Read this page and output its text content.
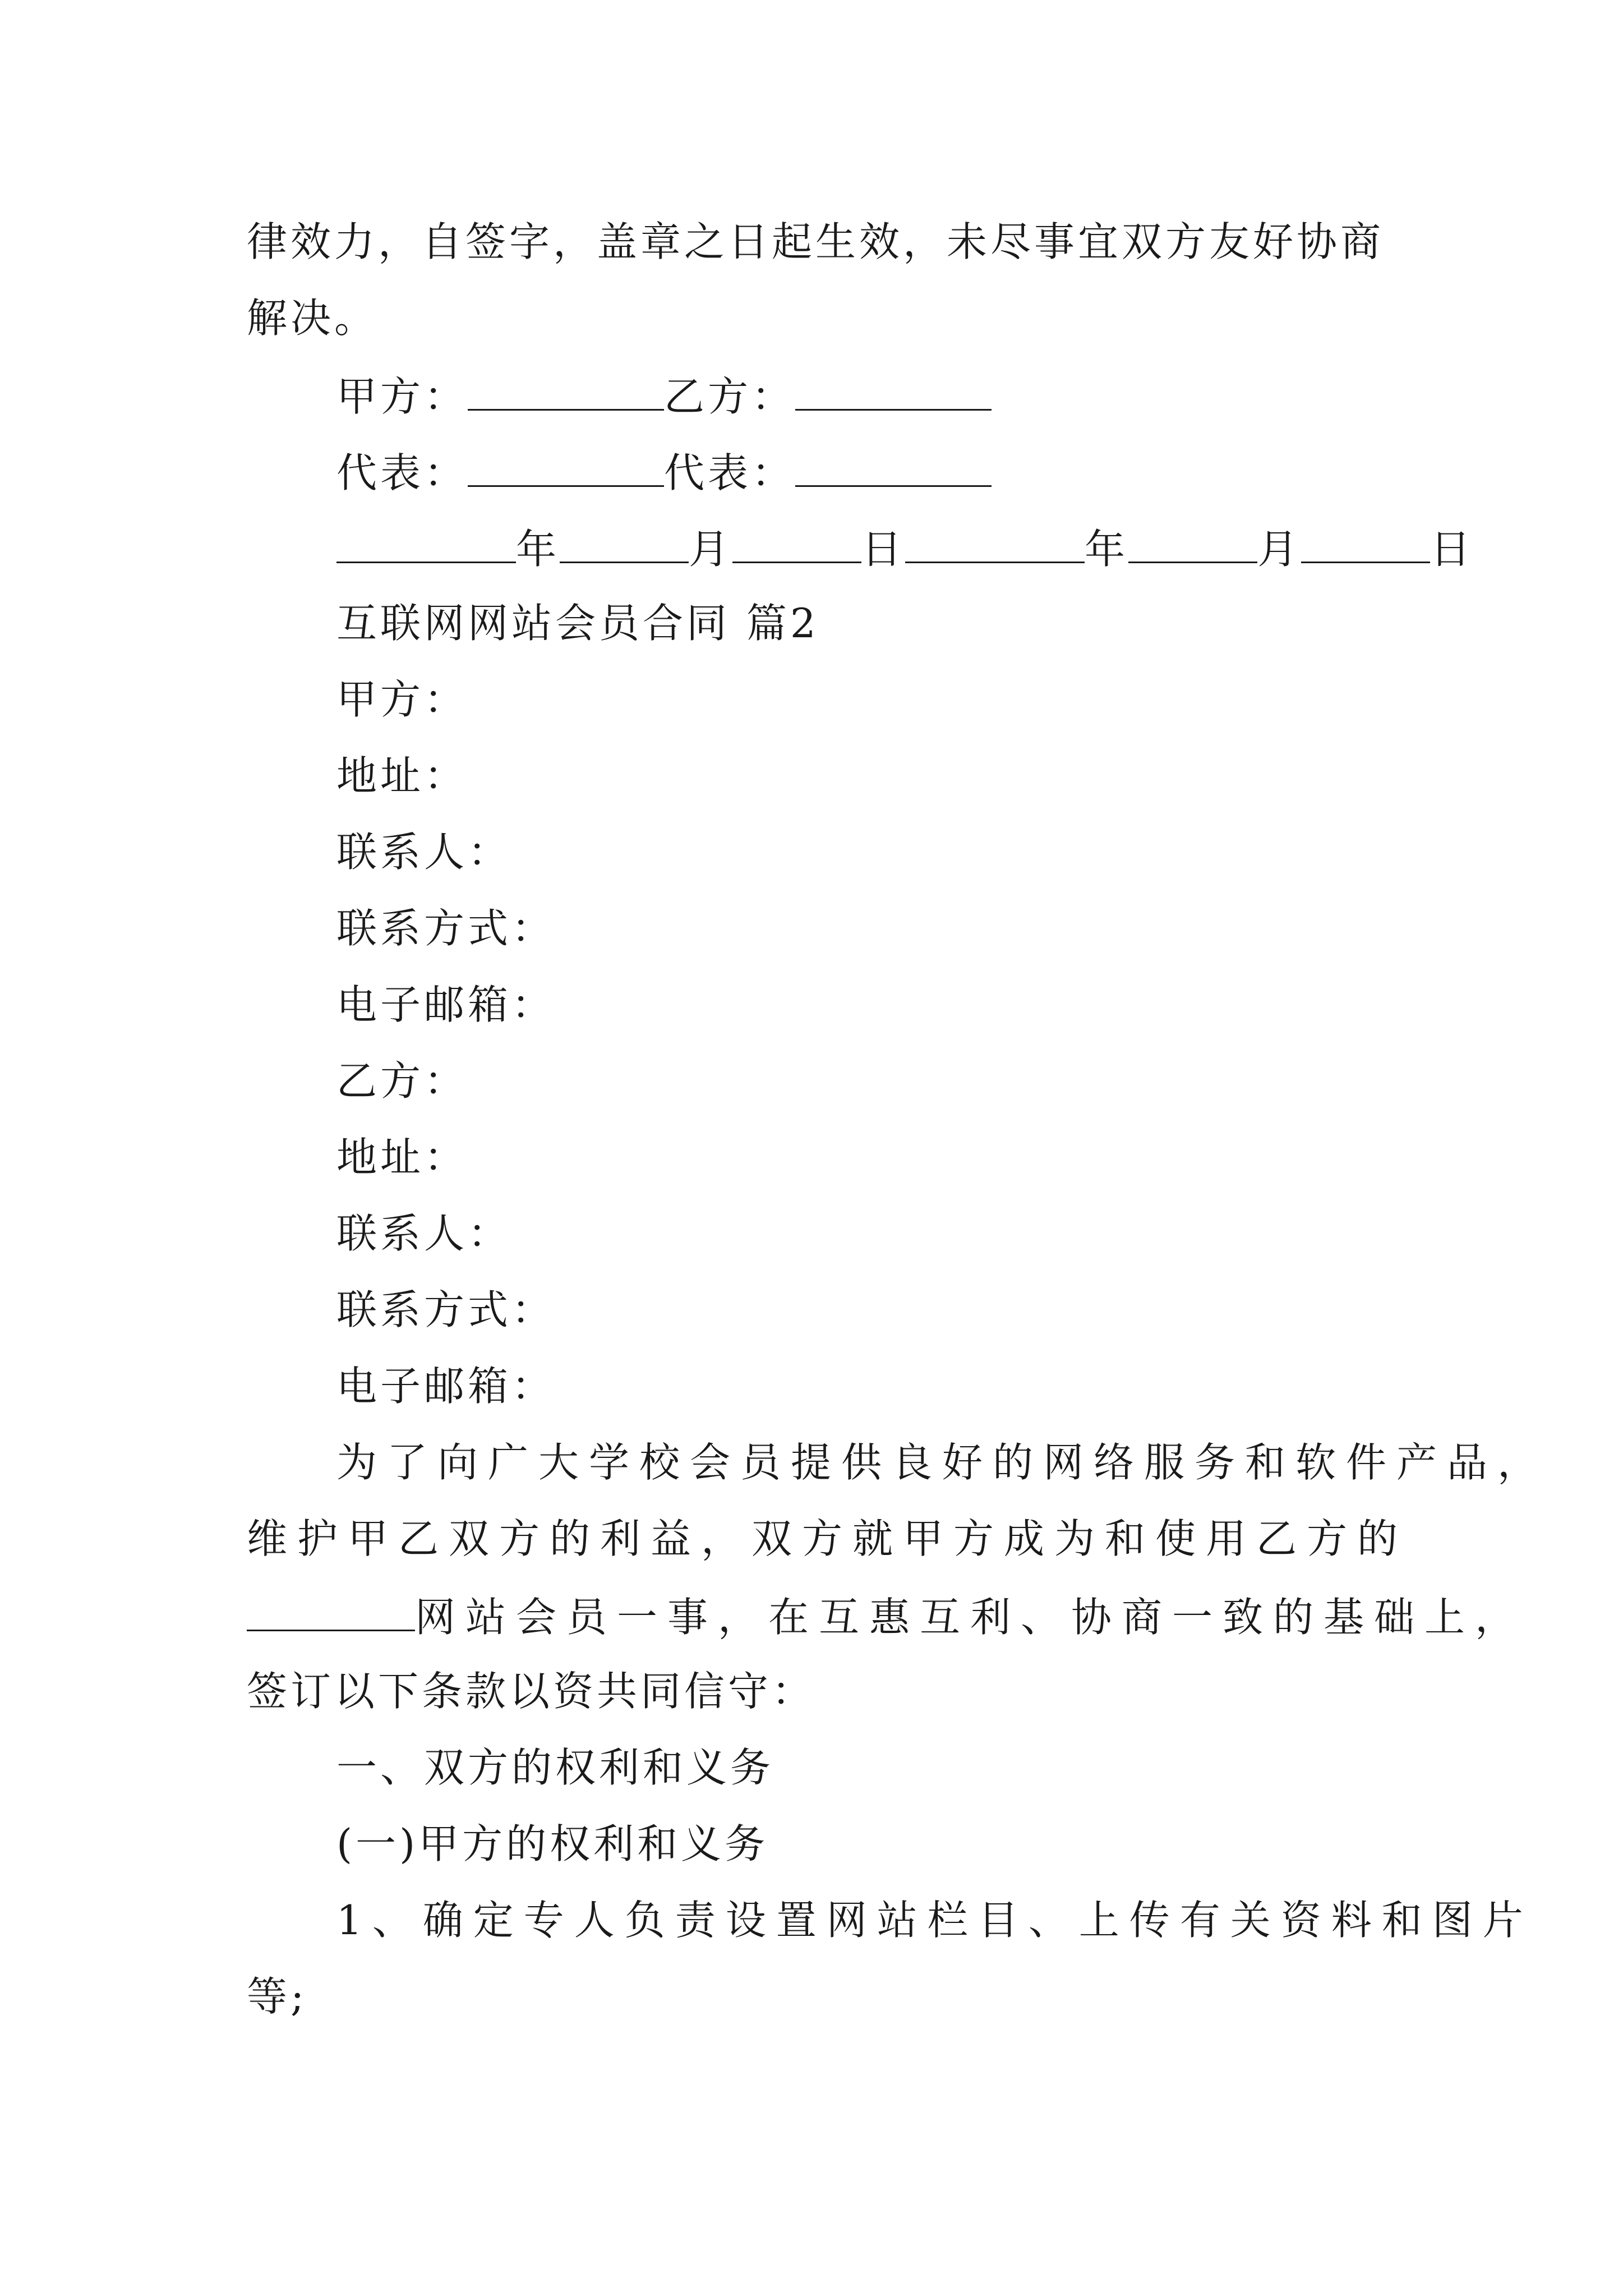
律效力，自签字，盖章之日起生效，未尽事宜双方友好协商
解决。
甲方：	乙方：
代表：	代表：
年	月	日	年	月	日
互联网网站会员合同 篇2
甲方：
地址：
联系人：
联系方式：
电子邮箱：
乙方：
地址：
联系人：
联系方式：
电子邮箱：
为了向广大学校会员提供良好的网络服务和软件产品，
维护甲乙双方的利益，双方就甲方成为和使用乙方的
网站会员一事，在互惠互利、协商一致的基础上，
签订以下条款以资共同信守：
一、双方的权利和义务
(一)甲方的权利和义务
1、确定专人负责设置网站栏目、上传有关资料和图片
等;
